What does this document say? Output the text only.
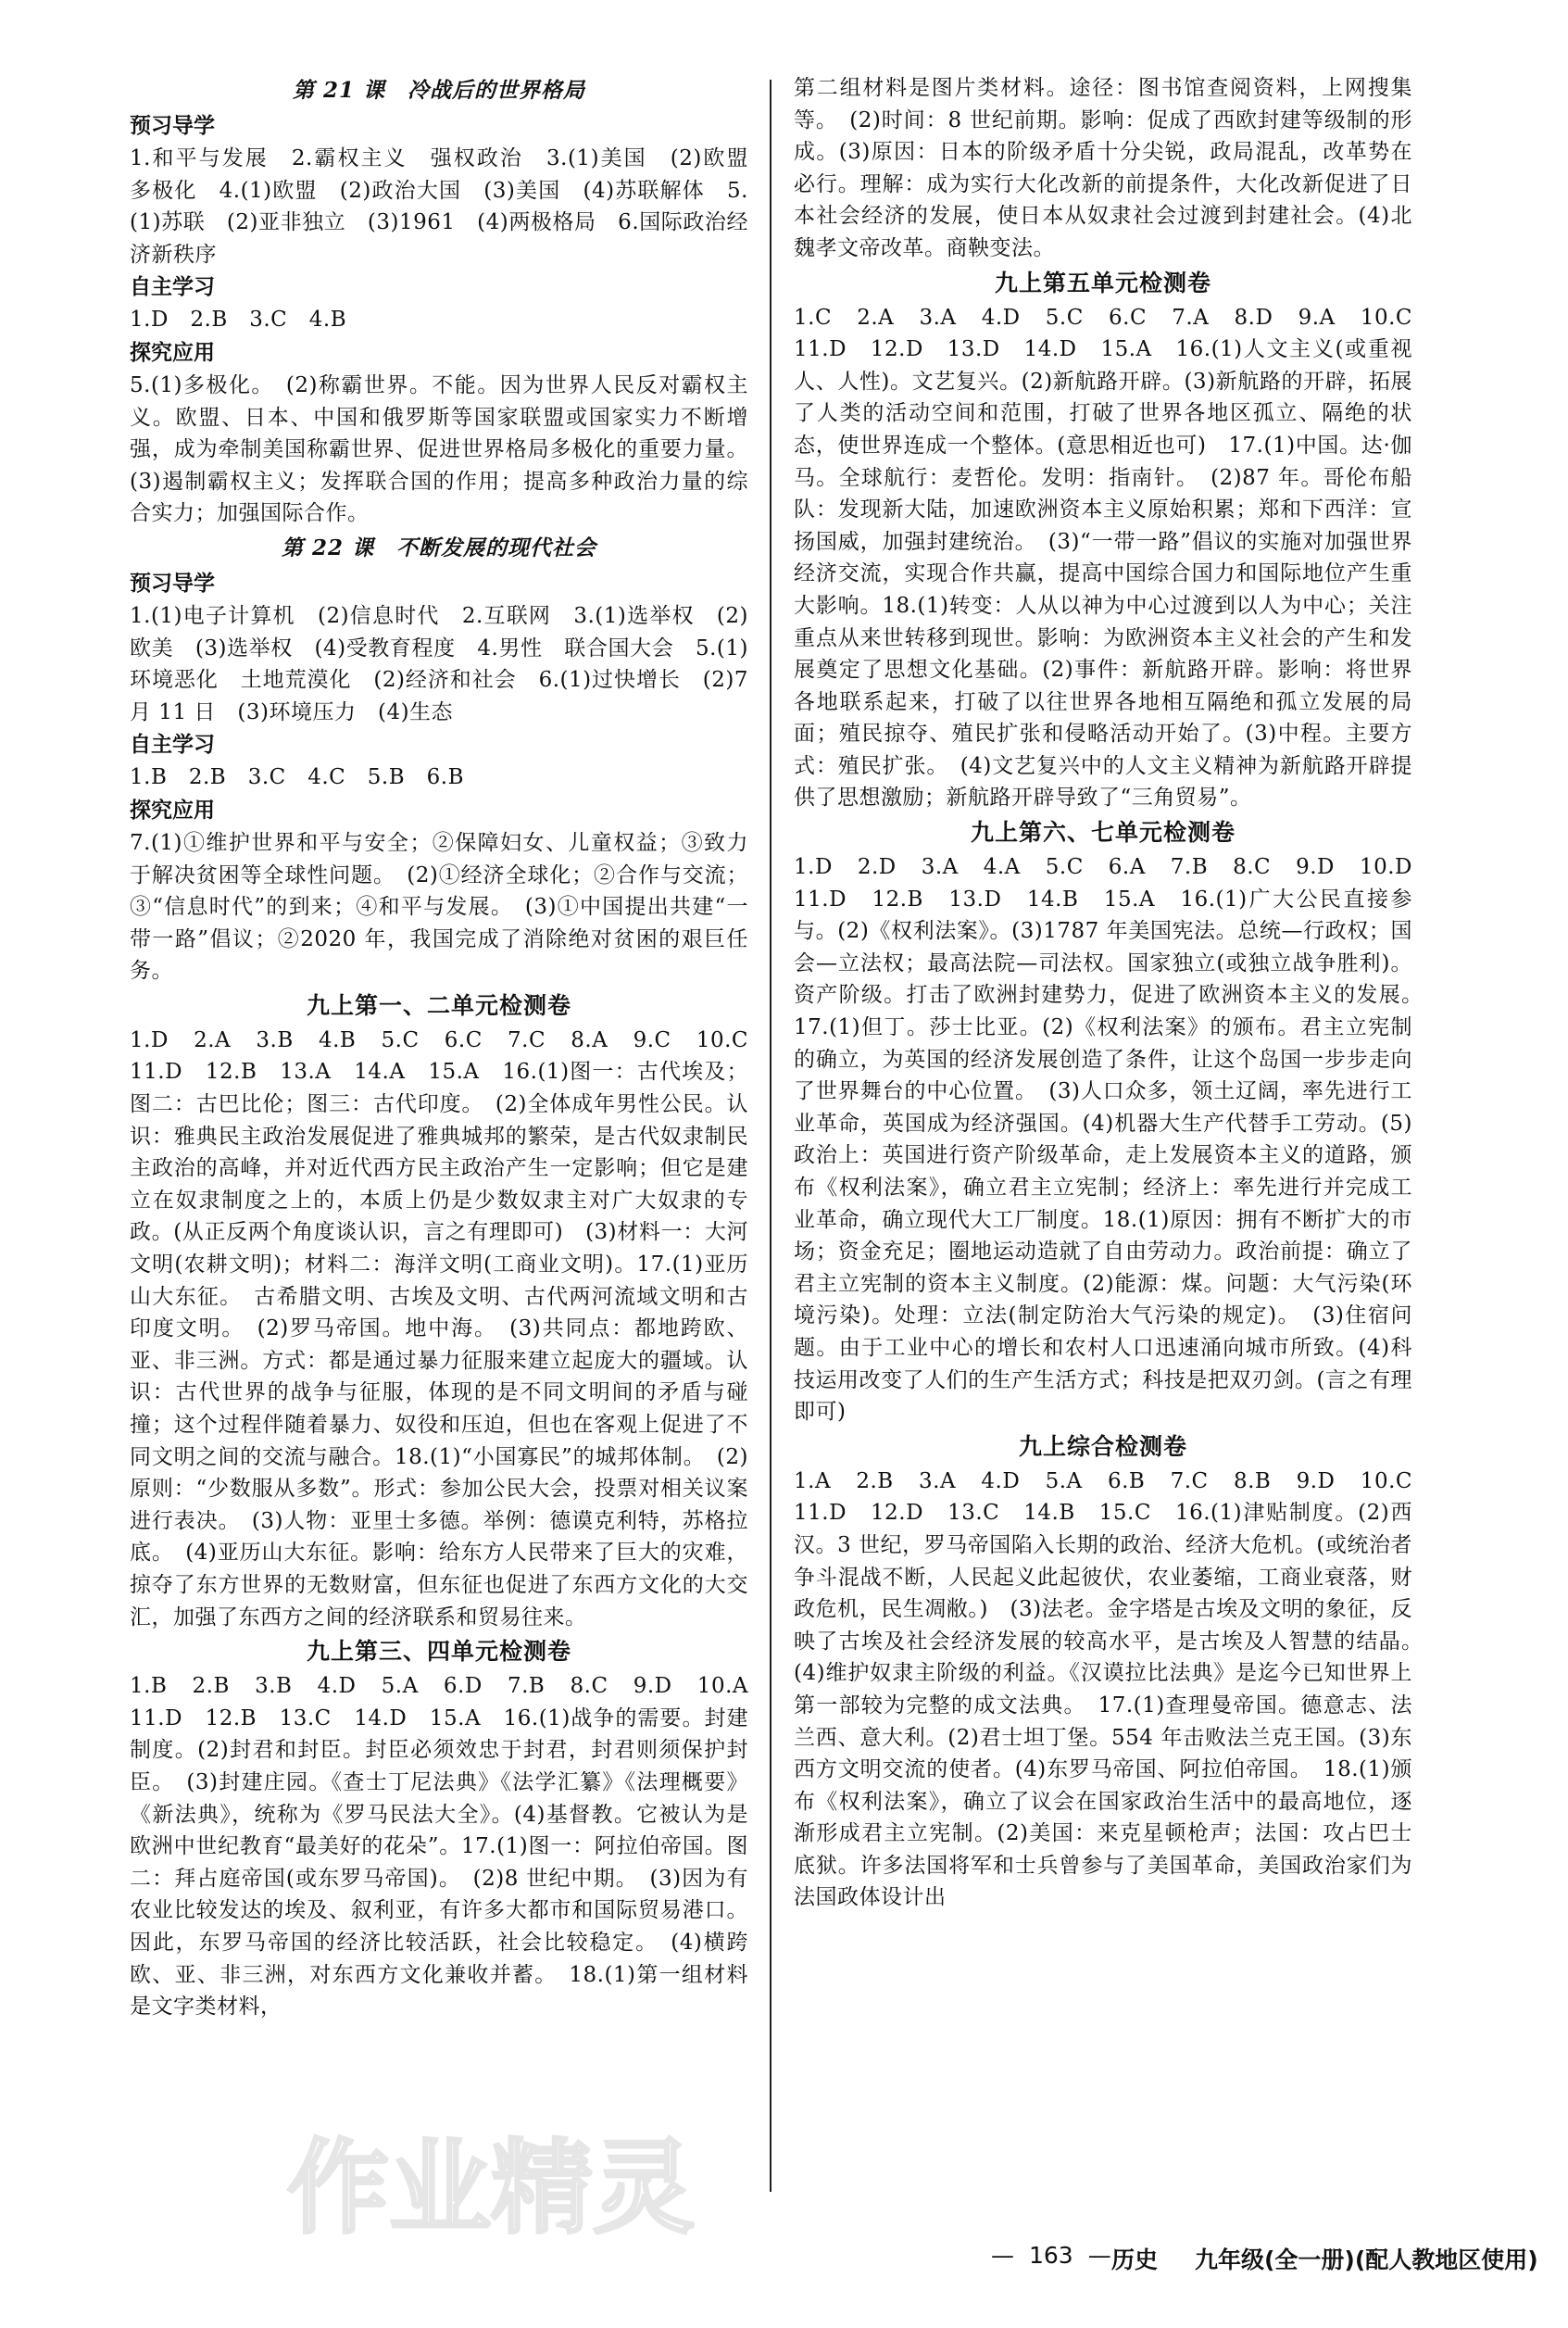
第 21 课　冷战后的世界格局
预习导学
1.和平与发展　2.霸权主义　强权政治　3.(1)美国　(2)欧盟　多极化　4.(1)欧盟　(2)政治大国　(3)美国　(4)苏联解体　5.(1)苏联　(2)亚非独立　(3)1961　(4)两极格局　6.国际政治经济新秩序
自主学习
1.D　2.B　3.C　4.B
探究应用
5.(1)多极化。　(2)称霸世界。不能。因为世界人民反对霸权主义。欧盟、日本、中国和俄罗斯等国家联盟或国家实力不断增强，成为牵制美国称霸世界、促进世界格局多极化的重要力量。(3)遏制霸权主义；发挥联合国的作用；提高多种政治力量的综合实力；加强国际合作。
第 22 课　不断发展的现代社会
预习导学
1.(1)电子计算机　(2)信息时代　2.互联网　3.(1)选举权　(2)欧美　(3)选举权　(4)受教育程度　4.男性　联合国大会　5.(1)环境恶化　土地荒漠化　(2)经济和社会　6.(1)过快增长　(2)7月 11 日　(3)环境压力　(4)生态
自主学习
1.B　2.B　3.C　4.C　5.B　6.B
探究应用
7.(1)①维护世界和平与安全；②保障妇女、儿童权益；③致力于解决贫困等全球性问题。　(2)①经济全球化；②合作与交流；③“信息时代”的到来；④和平与发展。　(3)①中国提出共建“一带一路”倡议；②2020 年，我国完成了消除绝对贫困的艰巨任务。
九上第一、二单元检测卷
1.D　2.A　3.B　4.B　5.C　6.C　7.C　8.A　9.C　10.C　11.D　12.B　13.A　14.A　15.A　16.(1)图一：古代埃及；图二：古巴比伦；图三：古代印度。　(2)全体成年男性公民。认识：雅典民主政治发展促进了雅典城邦的繁荣，是古代奴隶制民主政治的高峰，并对近代西方民主政治产生一定影响；但它是建立在奴隶制度之上的，本质上仍是少数奴隶主对广大奴隶的专政。(从正反两个角度谈认识，言之有理即可)　(3)材料一：大河文明(农耕文明)；材料二：海洋文明(工商业文明)。17.(1)亚历山大东征。　古希腊文明、古埃及文明、古代两河流域文明和古印度文明。　(2)罗马帝国。地中海。　(3)共同点：都地跨欧、亚、非三洲。方式：都是通过暴力征服来建立起庞大的疆域。认识：古代世界的战争与征服，体现的是不同文明间的矛盾与碰撞；这个过程伴随着暴力、奴役和压迫，但也在客观上促进了不同文明之间的交流与融合。18.(1)“小国寡民”的城邦体制。　(2)原则：“少数服从多数”。形式：参加公民大会，投票对相关议案进行表决。　(3)人物：亚里士多德。举例：德谟克利特，苏格拉底。　(4)亚历山大东征。影响：给东方人民带来了巨大的灾难，掠夺了东方世界的无数财富，但东征也促进了东西方文化的大交汇，加强了东西方之间的经济联系和贸易往来。
九上第三、四单元检测卷
1.B　2.B　3.B　4.D　5.A　6.D　7.B　8.C　9.D　10.A　11.D　12.B　13.C　14.D　15.A　16.(1)战争的需要。封建制度。(2)封君和封臣。封臣必须效忠于封君，封君则须保护封臣。　(3)封建庄园。《查士丁尼法典》《法学汇纂》《法理概要》《新法典》，统称为《罗马民法大全》。(4)基督教。它被认为是欧洲中世纪教育“最美好的花朵”。17.(1)图一：阿拉伯帝国。图二：拜占庭帝国(或东罗马帝国)。　(2)8 世纪中期。　(3)因为有农业比较发达的埃及、叙利亚，有许多大都市和国际贸易港口。因此，东罗马帝国的经济比较活跃，社会比较稳定。　(4)横跨欧、亚、非三洲，对东西方文化兼收并蓄。　18.(1)第一组材料是文字类材料，
第二组材料是图片类材料。途径：图书馆查阅资料，上网搜集等。　(2)时间：8 世纪前期。影响：促成了西欧封建等级制的形成。(3)原因：日本的阶级矛盾十分尖锐，政局混乱，改革势在必行。理解：成为实行大化改新的前提条件，大化改新促进了日本社会经济的发展，使日本从奴隶社会过渡到封建社会。(4)北魏孝文帝改革。商鞅变法。
九上第五单元检测卷
1.C　2.A　3.A　4.D　5.C　6.C　7.A　8.D　9.A　10.C　11.D　12.D　13.D　14.D　15.A　16.(1)人文主义(或重视人、人性)。文艺复兴。(2)新航路开辟。(3)新航路的开辟，拓展了人类的活动空间和范围，打破了世界各地区孤立、隔绝的状态，使世界连成一个整体。(意思相近也可)　17.(1)中国。达·伽马。全球航行：麦哲伦。发明：指南针。　(2)87 年。哥伦布船队：发现新大陆，加速欧洲资本主义原始积累；郑和下西洋：宣扬国威，加强封建统治。　(3)“一带一路”倡议的实施对加强世界经济交流，实现合作共赢，提高中国综合国力和国际地位产生重大影响。18.(1)转变：人从以神为中心过渡到以人为中心；关注重点从来世转移到现世。影响：为欧洲资本主义社会的产生和发展奠定了思想文化基础。(2)事件：新航路开辟。影响：将世界各地联系起来，打破了以往世界各地相互隔绝和孤立发展的局面；殖民掠夺、殖民扩张和侵略活动开始了。(3)中程。主要方式：殖民扩张。　(4)文艺复兴中的人文主义精神为新航路开辟提供了思想激励；新航路开辟导致了“三角贸易”。
九上第六、七单元检测卷
1.D　2.D　3.A　4.A　5.C　6.A　7.B　8.C　9.D　10.D　11.D　12.B　13.D　14.B　15.A　16.(1)广大公民直接参与。(2)《权利法案》。(3)1787 年美国宪法。总统—行政权；国会—立法权；最高法院—司法权。国家独立(或独立战争胜利)。资产阶级。打击了欧洲封建势力，促进了欧洲资本主义的发展。　17.(1)但丁。莎士比亚。(2)《权利法案》的颁布。君主立宪制的确立，为英国的经济发展创造了条件，让这个岛国一步步走向了世界舞台的中心位置。　(3)人口众多，领土辽阔，率先进行工业革命，英国成为经济强国。(4)机器大生产代替手工劳动。(5)政治上：英国进行资产阶级革命，走上发展资本主义的道路，颁布《权利法案》，确立君主立宪制；经济上：率先进行并完成工业革命，确立现代大工厂制度。18.(1)原因：拥有不断扩大的市场；资金充足；圈地运动造就了自由劳动力。政治前提：确立了君主立宪制的资本主义制度。(2)能源：煤。问题：大气污染(环境污染)。处理：立法(制定防治大气污染的规定)。　(3)住宿问题。由于工业中心的增长和农村人口迅速涌向城市所致。(4)科技运用改变了人们的生产生活方式；科技是把双刃剑。(言之有理即可)
九上综合检测卷
1.A　2.B　3.A　4.D　5.A　6.B　7.C　8.B　9.D　10.C　11.D　12.D　13.C　14.B　15.C　16.(1)津贴制度。(2)西汉。3 世纪，罗马帝国陷入长期的政治、经济大危机。(或统治者争斗混战不断，人民起义此起彼伏，农业萎缩，工商业衰落，财政危机，民生凋敝。)　(3)法老。金字塔是古埃及文明的象征，反映了古埃及社会经济发展的较高水平，是古埃及人智慧的结晶。　(4)维护奴隶主阶级的利益。《汉谟拉比法典》是迄今已知世界上第一部较为完整的成文法典。　17.(1)查理曼帝国。德意志、法兰西、意大利。(2)君士坦丁堡。554 年击败法兰克王国。(3)东西方文明交流的使者。(4)东罗马帝国、阿拉伯帝国。　18.(1)颁布《权利法案》，确立了议会在国家政治生活中的最高地位，逐渐形成君主立宪制。(2)美国：来克星顿枪声；法国：攻占巴士底狱。许多法国将军和士兵曾参与了美国革命，美国政治家们为法国政体设计出
作业精灵
— 163 —	历史 九年级(全一册)(配人教地区使用)
